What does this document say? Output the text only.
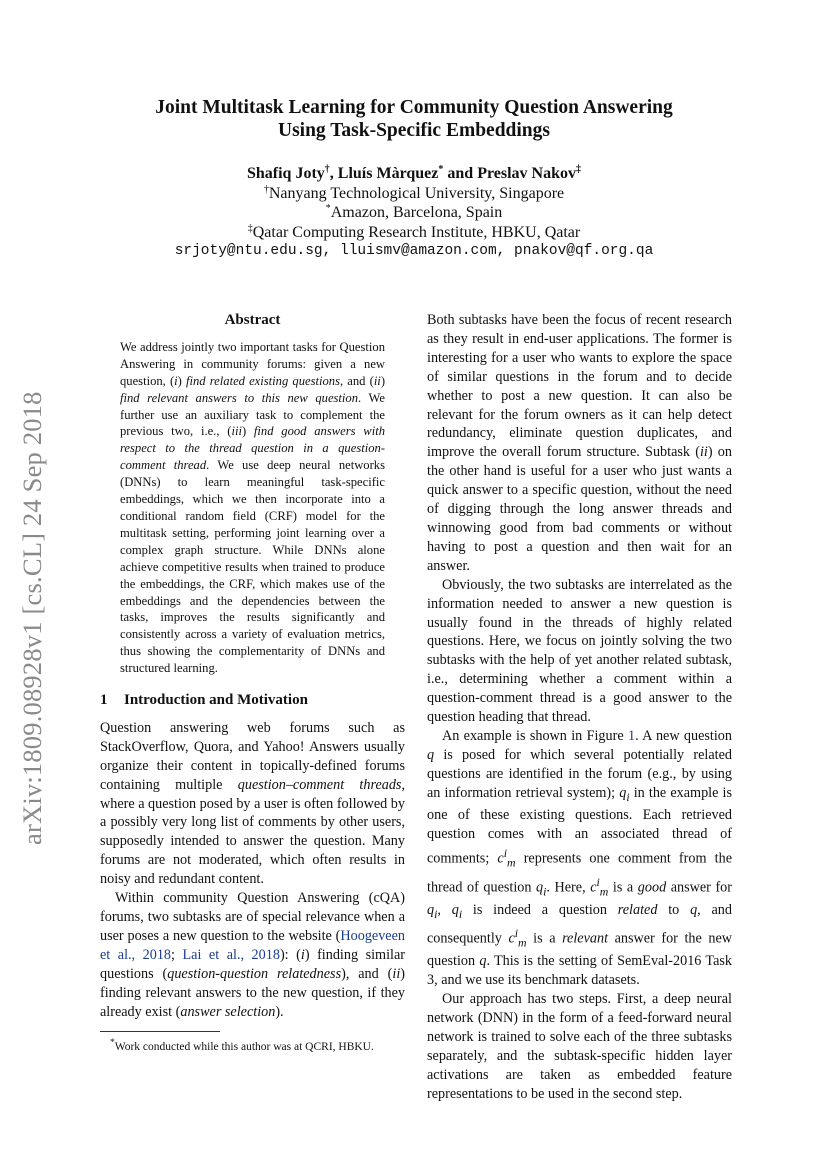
arXiv:1809.08928v1 [cs.CL] 24 Sep 2018
Joint Multitask Learning for Community Question Answering
Using Task-Specific Embeddings
Shafiq Joty†, Lluís Màrquez* and Preslav Nakov‡
†Nanyang Technological University, Singapore
*Amazon, Barcelona, Spain
‡Qatar Computing Research Institute, HBKU, Qatar
srjoty@ntu.edu.sg, lluismv@amazon.com, pnakov@qf.org.qa
Abstract
We address jointly two important tasks for Question Answering in community forums: given a new question, (i) find related existing questions, and (ii) find relevant answers to this new question. We further use an auxiliary task to complement the previous two, i.e., (iii) find good answers with respect to the thread question in a question-comment thread. We use deep neural networks (DNNs) to learn meaningful task-specific embeddings, which we then incorporate into a conditional random field (CRF) model for the multitask setting, performing joint learning over a complex graph structure. While DNNs alone achieve competitive results when trained to produce the embeddings, the CRF, which makes use of the embeddings and the dependencies between the tasks, improves the results significantly and consistently across a variety of evaluation metrics, thus showing the complementarity of DNNs and structured learning.
1 Introduction and Motivation

Question answering web forums such as StackOverflow, Quora, and Yahoo! Answers usually organize their content in topically-defined forums containing multiple question–comment threads, where a question posed by a user is often followed by a possibly very long list of comments by other users, supposedly intended to answer the question. Many forums are not moderated, which often results in noisy and redundant content.

Within community Question Answering (cQA) forums, two subtasks are of special relevance when a user poses a new question to the website (Hoogeveen et al., 2018; Lai et al., 2018): (i) finding similar questions (question-question relatedness), and (ii) finding relevant answers to the new question, if they already exist (answer selection).

*Work conducted while this author was at QCRI, HBKU.

Both subtasks have been the focus of recent research as they result in end-user applications. The former is interesting for a user who wants to explore the space of similar questions in the forum and to decide whether to post a new question. It can also be relevant for the forum owners as it can help detect redundancy, eliminate question duplicates, and improve the overall forum structure. Subtask (ii) on the other hand is useful for a user who just wants a quick answer to a specific question, without the need of digging through the long answer threads and winnowing good from bad comments or without having to post a question and then wait for an answer.

Obviously, the two subtasks are interrelated as the information needed to answer a new question is usually found in the threads of highly related questions. Here, we focus on jointly solving the two subtasks with the help of yet another related subtask, i.e., determining whether a comment within a question-comment thread is a good answer to the question heading that thread.

An example is shown in Figure 1. A new question q is posed for which several potentially related questions are identified in the forum (e.g., by using an information retrieval system); $q_i$ in the example is one of these existing questions. Each retrieved question comes with an associated thread of comments; $c^i_m$ represents one comment from the thread of question $q_i$. Here, $c^i_m$ is a good answer for $q_i$, $q_i$ is indeed a question related to q, and consequently $c^i_m$ is a relevant answer for the new question q. This is the setting of SemEval-2016 Task 3, and we use its benchmark datasets.

Our approach has two steps. First, a deep neural network (DNN) in the form of a feed-forward neural network is trained to solve each of the three subtasks separately, and the subtask-specific hidden layer activations are taken as embedded feature representations to be used in the second step.
